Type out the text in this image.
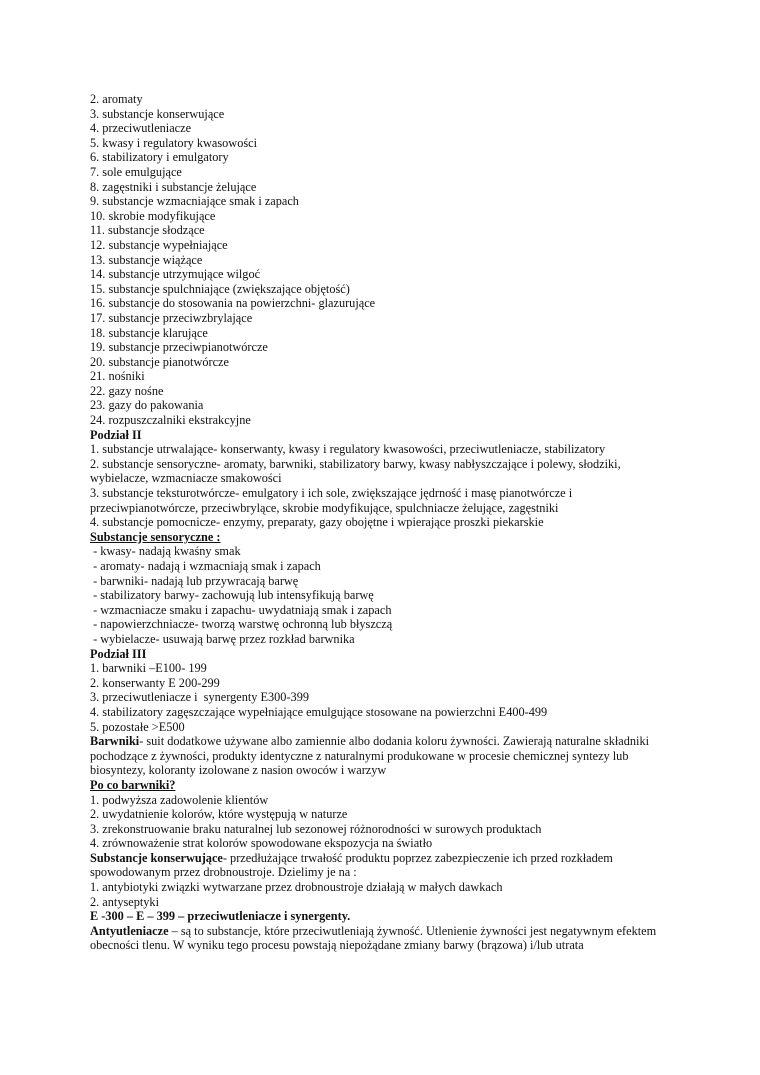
2. aromaty
3. substancje konserwujące
4. przeciwutleniacze
5. kwasy i regulatory kwasowości
6. stabilizatory i emulgatory
7. sole emulgujące
8. zagęstniki i substancje żelujące
9. substancje wzmacniające smak i zapach
10. skrobie modyfikujące
11. substancje słodzące
12. substancje wypełniające
13. substancje wiążące
14. substancje utrzymujące wilgoć
15. substancje spulchniające (zwiększające objętość)
16. substancje do stosowania na powierzchni- glazurujące
17. substancje przeciwzbrylające
18. substancje klarujące
19. substancje przeciwpianotwórcze
20. substancje pianotwórcze
21. nośniki
22. gazy nośne
23. gazy do pakowania
24. rozpuszczalniki ekstrakcyjne
Podział II
1. substancje utrwalające- konserwanty, kwasy i regulatory kwasowości, przeciwutleniacze, stabilizatory
2. substancje sensoryczne- aromaty, barwniki, stabilizatory barwy, kwasy nabłyszczające i polewy, słodziki, wybielacze, wzmacniacze smakowości
3. substancje teksturotwórcze- emulgatory i ich sole, zwiększające jędrność i masę pianotwórcze i przeciwpianotwórcze, przeciwbrylące, skrobie modyfikujące, spulchniacze żelujące, zagęstniki
4. substancje pomocnicze- enzymy, preparaty, gazy obojętne i wpierające proszki piekarskie
Substancje sensoryczne :
- kwasy- nadają kwaśny smak
- aromaty- nadają i wzmacniają smak i zapach
- barwniki- nadają lub przywracają barwę
- stabilizatory barwy- zachowują lub intensyfikują barwę
- wzmacniacze smaku i zapachu- uwydatniają smak i zapach
- napowierzchniacze- tworzą warstwę ochronną lub błyszczą
- wybielacze- usuwają barwę przez rozkład barwnika
Podział III
1. barwniki –E100- 199
2. konserwanty E 200-299
3. przeciwutleniacze i  synergenty E300-399
4. stabilizatory zagęszczające wypełniające emulgujące stosowane na powierzchni E400-499
5. pozostałe >E500
Barwniki- suit dodatkowe używane albo zamiennie albo dodania koloru żywności. Zawierają naturalne składniki pochodzące z żywności, produkty identyczne z naturalnymi produkowane w procesie chemicznej syntezy lub biosyntezy, koloranty izolowane z nasion owoców i warzyw
Po co barwniki?
1. podwyższa zadowolenie klientów
2. uwydatnienie kolorów, które występują w naturze
3. zrekonstruowanie braku naturalnej lub sezonowej różnorodności w surowych produktach
4. zrównoważenie strat kolorów spowodowane ekspozycja na światło
Substancje konserwujące- przedłużające trwałość produktu poprzez zabezpieczenie ich przed rozkładem spowodowanym przez drobnoustroje. Dzielimy je na :
1. antybiotyki związki wytwarzane przez drobnoustroje działają w małych dawkach
2. antyseptyki
E -300 – E – 399 – przeciwutleniacze i synergenty.
Antyutleniacze – są to substancje, które przeciwutleniają żywność. Utlenienie żywności jest negatywnym efektem obecności tlenu. W wyniku tego procesu powstają niepożądane zmiany barwy (brązowa) i/lub utrata
